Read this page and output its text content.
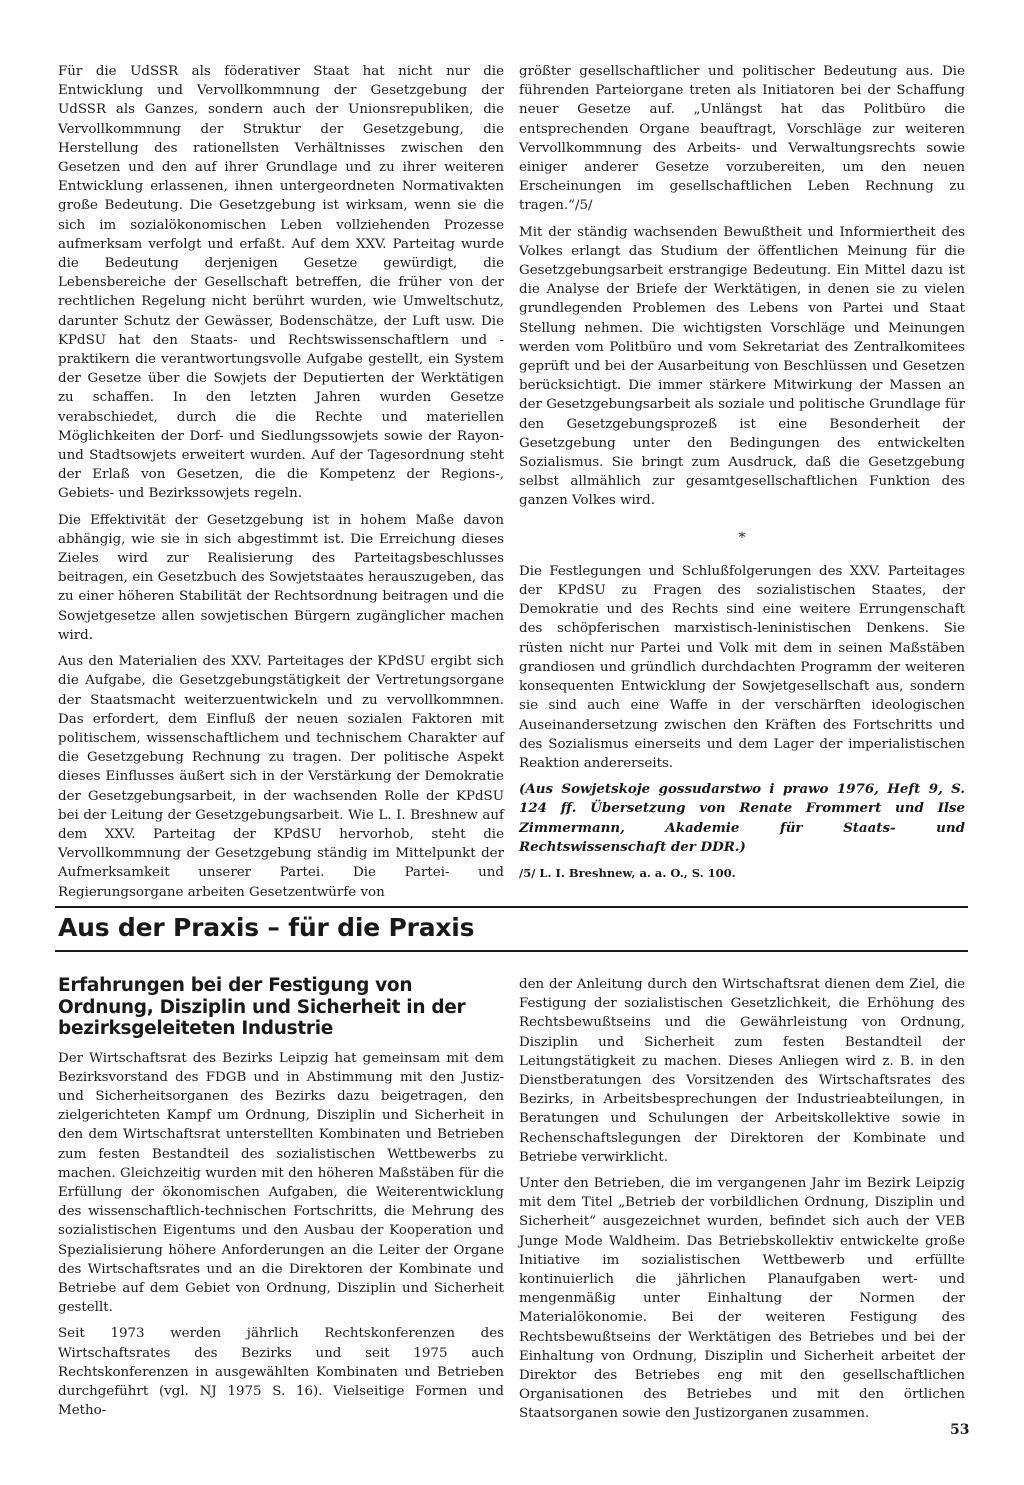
Für die UdSSR als föderativer Staat hat nicht nur die Entwicklung und Vervollkommnung der Gesetzgebung der UdSSR als Ganzes, sondern auch der Unionsrepubliken, die Vervollkommnung der Struktur der Gesetzgebung, die Herstellung des rationellsten Verhältnisses zwischen den Gesetzen und den auf ihrer Grundlage und zu ihrer weiteren Entwicklung erlassenen, ihnen untergeordneten Normativakten große Bedeutung. Die Gesetzgebung ist wirksam, wenn sie die sich im sozialökonomischen Leben vollziehenden Prozesse aufmerksam verfolgt und erfaßt. Auf dem XXV. Parteitag wurde die Bedeutung derjenigen Gesetze gewürdigt, die Lebensbereiche der Gesellschaft betreffen, die früher von der rechtlichen Regelung nicht berührt wurden, wie Umweltschutz, darunter Schutz der Gewässer, Bodenschätze, der Luft usw. Die KPdSU hat den Staats- und Rechtswissenschaftlern und -praktikern die verantwortungsvolle Aufgabe gestellt, ein System der Gesetze über die Sowjets der Deputierten der Werktätigen zu schaffen. In den letzten Jahren wurden Gesetze verabschiedet, durch die die Rechte und materiellen Möglichkeiten der Dorf- und Siedlungssowjets sowie der Rayon- und Stadtsowjets erweitert wurden. Auf der Tagesordnung steht der Erlaß von Gesetzen, die die Kompetenz der Regions-, Gebiets- und Bezirkssowjets regeln.

Die Effektivität der Gesetzgebung ist in hohem Maße davon abhängig, wie sie in sich abgestimmt ist. Die Erreichung dieses Zieles wird zur Realisierung des Parteitagsbeschlusses beitragen, ein Gesetzbuch des Sowjetstaates herauszugeben, das zu einer höheren Stabilität der Rechtsordnung beitragen und die Sowjetgesetze allen sowjetischen Bürgern zugänglicher machen wird.

Aus den Materialien des XXV. Parteitages der KPdSU ergibt sich die Aufgabe, die Gesetzgebungstätigkeit der Vertretungsorgane der Staatsmacht weiterzuentwickeln und zu vervollkommnen. Das erfordert, dem Einfluß der neuen sozialen Faktoren mit politischem, wissenschaftlichem und technischem Charakter auf die Gesetzgebung Rechnung zu tragen. Der politische Aspekt dieses Einflusses äußert sich in der Verstärkung der Demokratie der Gesetzgebungsarbeit, in der wachsenden Rolle der KPdSU bei der Leitung der Gesetzgebungsarbeit. Wie L. I. Breshnew auf dem XXV. Parteitag der KPdSU hervorhob, steht die Vervollkommnung der Gesetzgebung ständig im Mittelpunkt der Aufmerksamkeit unserer Partei. Die Partei- und Regierungsorgane arbeiten Gesetzentwürfe von

größter gesellschaftlicher und politischer Bedeutung aus. Die führenden Parteiorgane treten als Initiatoren bei der Schaffung neuer Gesetze auf. „Unlängst hat das Politbüro die entsprechenden Organe beauftragt, Vorschläge zur weiteren Vervollkommnung des Arbeits- und Verwaltungsrechts sowie einiger anderer Gesetze vorzubereiten, um den neuen Erscheinungen im gesellschaftlichen Leben Rechnung zu tragen.“/5/

Mit der ständig wachsenden Bewußtheit und Informiertheit des Volkes erlangt das Studium der öffentlichen Meinung für die Gesetzgebungsarbeit erstrangige Bedeutung. Ein Mittel dazu ist die Analyse der Briefe der Werktätigen, in denen sie zu vielen grundlegenden Problemen des Lebens von Partei und Staat Stellung nehmen. Die wichtigsten Vorschläge und Meinungen werden vom Politbüro und vom Sekretariat des Zentralkomitees geprüft und bei der Ausarbeitung von Beschlüssen und Gesetzen berücksichtigt. Die immer stärkere Mitwirkung der Massen an der Gesetzgebungsarbeit als soziale und politische Grundlage für den Gesetzgebungsprozeß ist eine Besonderheit der Gesetzgebung unter den Bedingungen des entwickelten Sozialismus. Sie bringt zum Ausdruck, daß die Gesetzgebung selbst allmählich zur gesamtgesellschaftlichen Funktion des ganzen Volkes wird.

*

Die Festlegungen und Schlußfolgerungen des XXV. Parteitages der KPdSU zu Fragen des sozialistischen Staates, der Demokratie und des Rechts sind eine weitere Errungenschaft des schöpferischen marxistisch-leninistischen Denkens. Sie rüsten nicht nur Partei und Volk mit dem in seinen Maßstäben grandiosen und gründlich durchdachten Programm der weiteren konsequenten Entwicklung der Sowjetgesellschaft aus, sondern sie sind auch eine Waffe in der verschärften ideologischen Auseinandersetzung zwischen den Kräften des Fortschritts und des Sozialismus einerseits und dem Lager der imperialistischen Reaktion andererseits.

(Aus Sowjetskoje gossudarstwo i prawo 1976, Heft 9, S. 124 ff. Übersetzung von Renate Frommert und Ilse Zimmermann, Akademie für Staats- und Rechtswissenschaft der DDR.)

/5/ L. I. Breshnew, a. a. O., S. 100.

Aus der Praxis – für die Praxis
Erfahrungen bei der Festigung von Ordnung, Disziplin und Sicherheit in der bezirksgeleiteten Industrie

Der Wirtschaftsrat des Bezirks Leipzig hat gemeinsam mit dem Bezirksvorstand des FDGB und in Abstimmung mit den Justiz- und Sicherheitsorganen des Bezirks dazu beigetragen, den zielgerichteten Kampf um Ordnung, Disziplin und Sicherheit in den dem Wirtschaftsrat unterstellten Kombinaten und Betrieben zum festen Bestandteil des sozialistischen Wettbewerbs zu machen. Gleichzeitig wurden mit den höheren Maßstäben für die Erfüllung der ökonomischen Aufgaben, die Weiterentwicklung des wissenschaftlich-technischen Fortschritts, die Mehrung des sozialistischen Eigentums und den Ausbau der Kooperation und Spezialisierung höhere Anforderungen an die Leiter der Organe des Wirtschaftsrates und an die Direktoren der Kombinate und Betriebe auf dem Gebiet von Ordnung, Disziplin und Sicherheit gestellt.

Seit 1973 werden jährlich Rechtskonferenzen des Wirtschaftsrates des Bezirks und seit 1975 auch Rechtskonferenzen in ausgewählten Kombinaten und Betrieben durchgeführt (vgl. NJ 1975 S. 16). Vielseitige Formen und Metho-

den der Anleitung durch den Wirtschaftsrat dienen dem Ziel, die Festigung der sozialistischen Gesetzlichkeit, die Erhöhung des Rechtsbewußtseins und die Gewährleistung von Ordnung, Disziplin und Sicherheit zum festen Bestandteil der Leitungstätigkeit zu machen. Dieses Anliegen wird z. B. in den Dienstberatungen des Vorsitzenden des Wirtschaftsrates des Bezirks, in Arbeitsbesprechungen der Industrieabteilungen, in Beratungen und Schulungen der Arbeitskollektive sowie in Rechenschaftslegungen der Direktoren der Kombinate und Betriebe verwirklicht.

Unter den Betrieben, die im vergangenen Jahr im Bezirk Leipzig mit dem Titel „Betrieb der vorbildlichen Ordnung, Disziplin und Sicherheit“ ausgezeichnet wurden, befindet sich auch der VEB Junge Mode Waldheim. Das Betriebskollektiv entwickelte große Initiative im sozialistischen Wettbewerb und erfüllte kontinuierlich die jährlichen Planaufgaben wert- und mengenmäßig unter Einhaltung der Normen der Materialökonomie. Bei der weiteren Festigung des Rechtsbewußtseins der Werktätigen des Betriebes und bei der Einhaltung von Ordnung, Disziplin und Sicherheit arbeitet der Direktor des Betriebes eng mit den gesellschaftlichen Organisationen des Betriebes und mit den örtlichen Staatsorganen sowie den Justizorganen zusammen.

53
